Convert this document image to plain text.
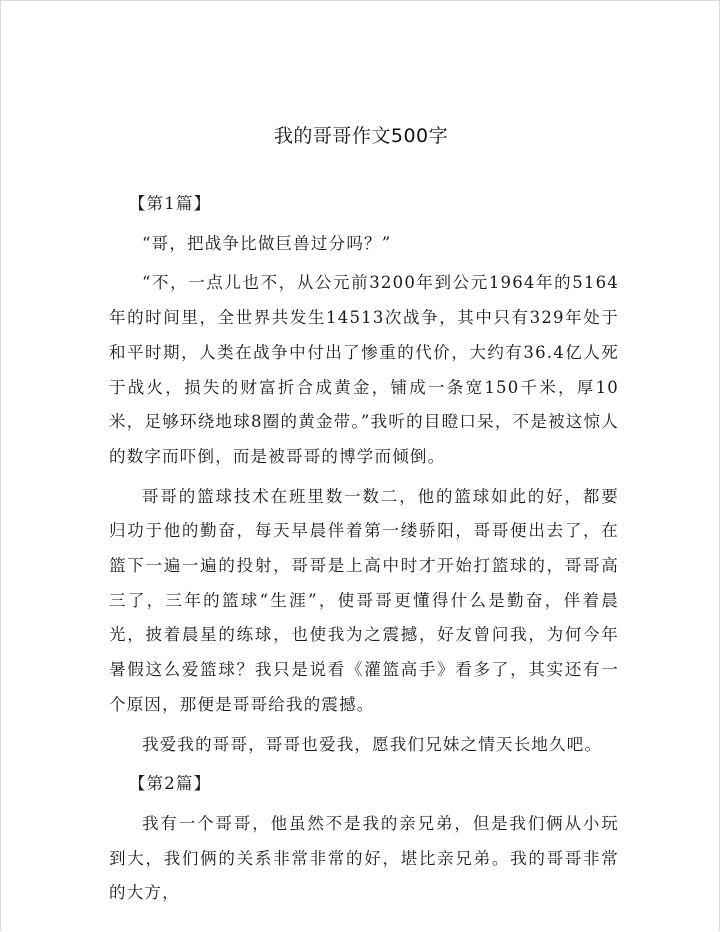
我的哥哥作文500字

【第1篇】

“哥，把战争比做巨兽过分吗？”

“不，一点儿也不，从公元前3200年到公元1964年的5164年的时间里，全世界共发生14513次战争，其中只有329年处于和平时期，人类在战争中付出了惨重的代价，大约有36.4亿人死于战火，损失的财富折合成黄金，铺成一条宽150千米，厚10米，足够环绕地球8圈的黄金带。”我听的目瞪口呆，不是被这惊人的数字而吓倒，而是被哥哥的博学而倾倒。

哥哥的篮球技术在班里数一数二，他的篮球如此的好，都要归功于他的勤奋，每天早晨伴着第一缕骄阳，哥哥便出去了，在篮下一遍一遍的投射，哥哥是上高中时才开始打篮球的，哥哥高三了，三年的篮球“生涯”，使哥哥更懂得什么是勤奋，伴着晨光，披着晨星的练球，也使我为之震撼，好友曾问我，为何今年暑假这么爱篮球？我只是说看《灌篮高手》看多了，其实还有一个原因，那便是哥哥给我的震撼。

我爱我的哥哥，哥哥也爱我，愿我们兄妹之情天长地久吧。

【第2篇】

我有一个哥哥，他虽然不是我的亲兄弟，但是我们俩从小玩到大，我们俩的关系非常非常的好，堪比亲兄弟。我的哥哥非常的大方，
